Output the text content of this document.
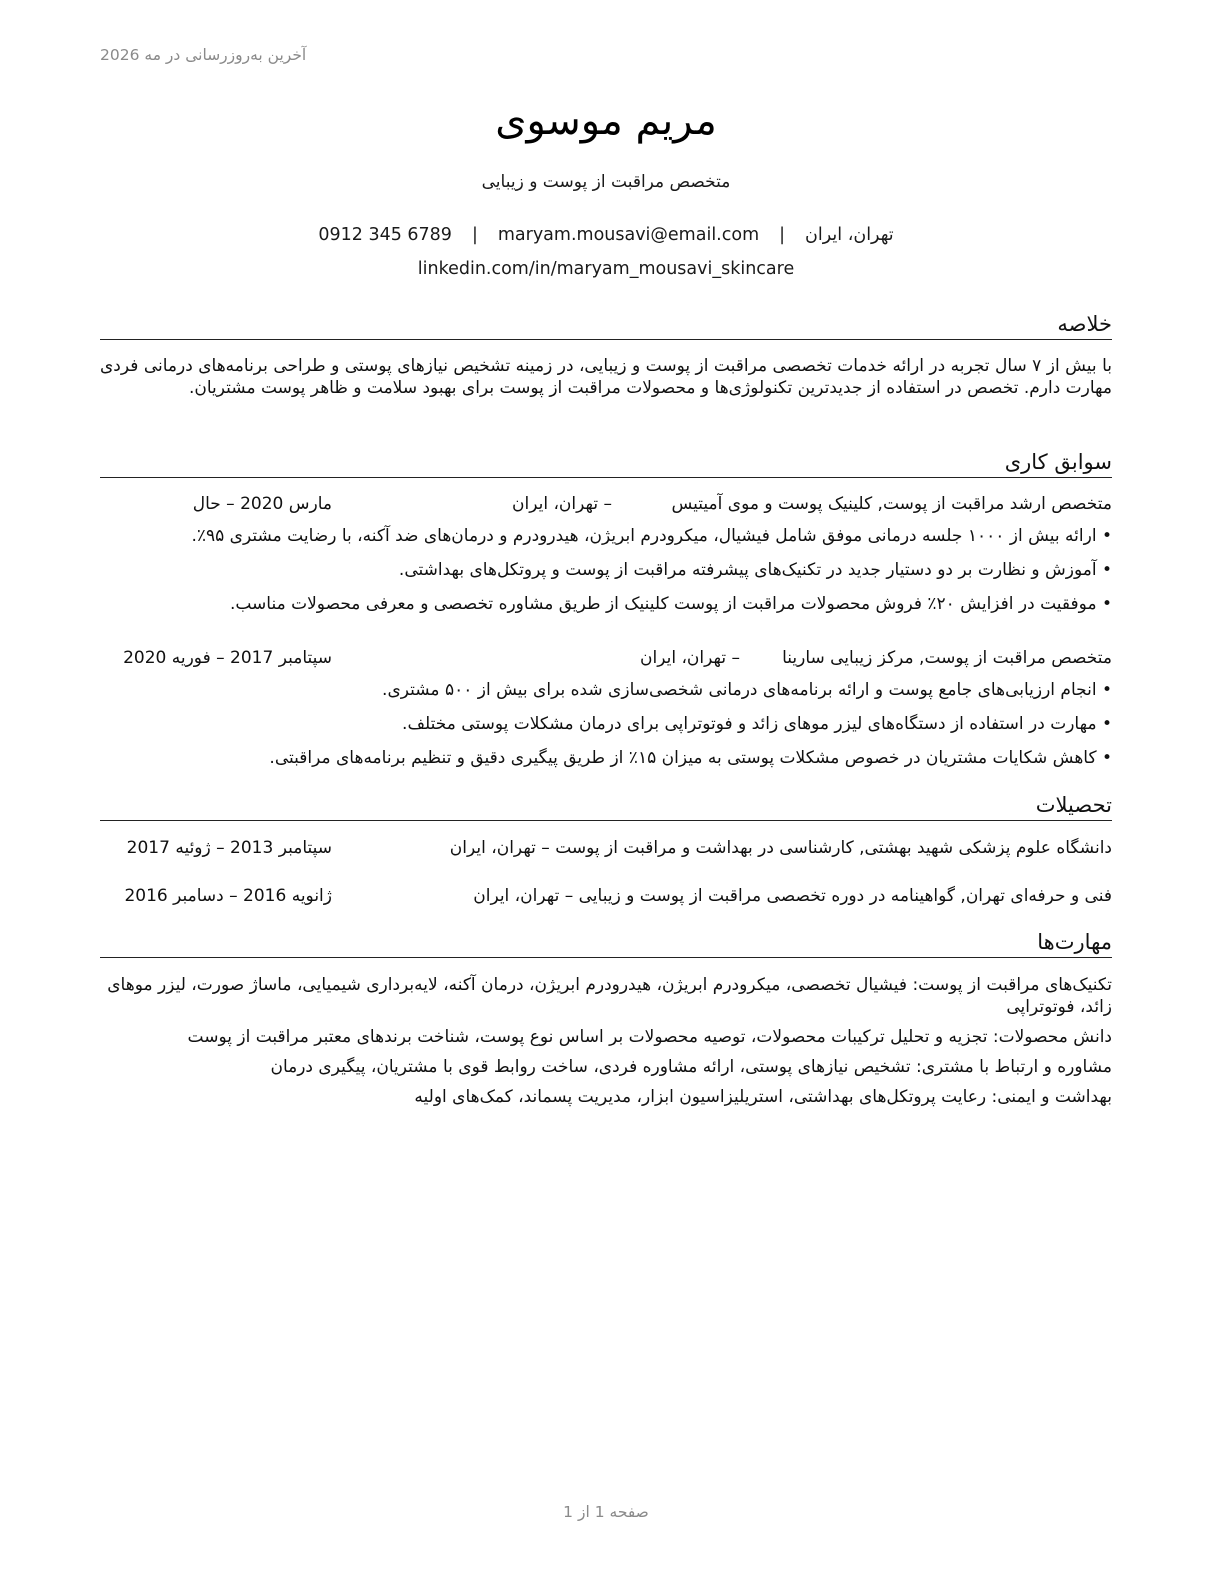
آخرین به‌روزرسانی در مه 2026
مریم موسوی
متخصص مراقبت از پوست و زیبایی
تهران، ایران|maryam.mousavi@email.com|0912 345 6789
linkedin.com/in/maryam_mousavi_skincare
خلاصه

با بیش از ۷ سال تجربه در ارائه خدمات تخصصی مراقبت از پوست و زیبایی، در زمینه تشخیص نیازهای پوستی و طراحی برنامه‌های درمانی فردی مهارت دارم. تخصص در استفاده از جدیدترین تکنولوژی‌ها و محصولات مراقبت از پوست برای بهبود سلامت و ظاهر پوست مشتریان.

سوابق کاری
متخصص ارشد مراقبت از پوست, کلینیک پوست و موی آمیتیس
– تهران، ایران
مارس 2020 – حال
• ارائه بیش از ۱۰۰۰ جلسه درمانی موفق شامل فیشیال، میکرودرم ابریژن، هیدرودرم و درمان‌های ضد آکنه، با رضایت مشتری ۹۵٪.
• آموزش و نظارت بر دو دستیار جدید در تکنیک‌های پیشرفته مراقبت از پوست و پروتکل‌های بهداشتی.
• موفقیت در افزایش ۲۰٪ فروش محصولات مراقبت از پوست کلینیک از طریق مشاوره تخصصی و معرفی محصولات مناسب.
متخصص مراقبت از پوست, مرکز زیبایی سارینا
– تهران، ایران
سپتامبر 2017 – فوریه 2020
• انجام ارزیابی‌های جامع پوست و ارائه برنامه‌های درمانی شخصی‌سازی شده برای بیش از ۵۰۰ مشتری.
• مهارت در استفاده از دستگاه‌های لیزر موهای زائد و فوتوتراپی برای درمان مشکلات پوستی مختلف.
• کاهش شکایات مشتریان در خصوص مشکلات پوستی به میزان ۱۵٪ از طریق پیگیری دقیق و تنظیم برنامه‌های مراقبتی.
تحصیلات
دانشگاه علوم پزشکی شهید بهشتی, کارشناسی در بهداشت و مراقبت از پوست – تهران، ایران
سپتامبر 2013 – ژوئیه 2017
فنی و حرفه‌ای تهران, گواهینامه در دوره تخصصی مراقبت از پوست و زیبایی – تهران، ایران
ژانویه 2016 – دسامبر 2016
مهارت‌ها
تکنیک‌های مراقبت از پوست: فیشیال تخصصی، میکرودرم ابریژن، هیدرودرم ابریژن، درمان آکنه، لایه‌برداری شیمیایی، ماساژ صورت، لیزر موهای زائد، فوتوتراپی
دانش محصولات: تجزیه و تحلیل ترکیبات محصولات، توصیه محصولات بر اساس نوع پوست، شناخت برندهای معتبر مراقبت از پوست
مشاوره و ارتباط با مشتری: تشخیص نیازهای پوستی، ارائه مشاوره فردی، ساخت روابط قوی با مشتریان، پیگیری درمان
بهداشت و ایمنی: رعایت پروتکل‌های بهداشتی، استریلیزاسیون ابزار، مدیریت پسماند، کمک‌های اولیه
صفحه 1 از 1
